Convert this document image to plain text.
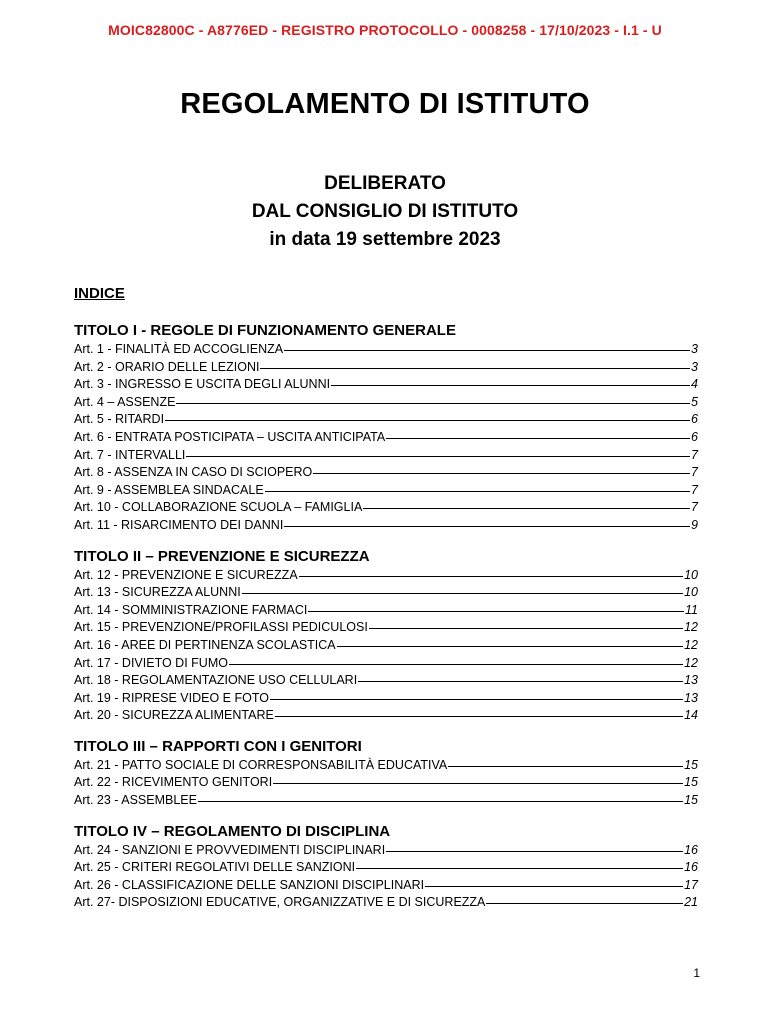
MOIC82800C - A8776ED - REGISTRO PROTOCOLLO - 0008258 - 17/10/2023 - I.1 - U
REGOLAMENTO DI ISTITUTO
DELIBERATO
DAL CONSIGLIO DI ISTITUTO
in data 19 settembre 2023
INDICE
TITOLO I - REGOLE DI FUNZIONAMENTO GENERALE
Art. 1 - FINALITÀ ED ACCOGLIENZA	3
Art. 2 - ORARIO DELLE LEZIONI	3
Art. 3 - INGRESSO E USCITA DEGLI ALUNNI	4
Art. 4 – ASSENZE	5
Art. 5 - RITARDI	6
Art. 6 - ENTRATA POSTICIPATA – USCITA ANTICIPATA	6
Art. 7 - INTERVALLI	7
Art. 8 - ASSENZA IN CASO DI SCIOPERO	7
Art. 9 - ASSEMBLEA SINDACALE	7
Art. 10 - COLLABORAZIONE SCUOLA – FAMIGLIA	7
Art. 11 - RISARCIMENTO DEI DANNI	9
TITOLO II – PREVENZIONE E SICUREZZA
Art. 12 - PREVENZIONE E SICUREZZA	10
Art. 13 - SICUREZZA ALUNNI	10
Art. 14 - SOMMINISTRAZIONE FARMACI	11
Art. 15 - PREVENZIONE/PROFILASSI PEDICULOSI	12
Art. 16 - AREE DI PERTINENZA SCOLASTICA	12
Art. 17 - DIVIETO DI FUMO	12
Art. 18 - REGOLAMENTAZIONE USO CELLULARI	13
Art. 19 - RIPRESE VIDEO E FOTO	13
Art. 20 - SICUREZZA ALIMENTARE	14
TITOLO III – RAPPORTI CON I GENITORI
Art. 21 - PATTO SOCIALE DI CORRESPONSABILITÀ EDUCATIVA	15
Art. 22 - RICEVIMENTO GENITORI	15
Art. 23 - ASSEMBLEE	15
TITOLO IV – REGOLAMENTO DI DISCIPLINA
Art. 24 - SANZIONI E PROVVEDIMENTI DISCIPLINARI	16
Art. 25 - CRITERI REGOLATIVI DELLE SANZIONI	16
Art. 26 - CLASSIFICAZIONE DELLE SANZIONI DISCIPLINARI	17
Art. 27- DISPOSIZIONI EDUCATIVE, ORGANIZZATIVE E DI SICUREZZA	21
1
